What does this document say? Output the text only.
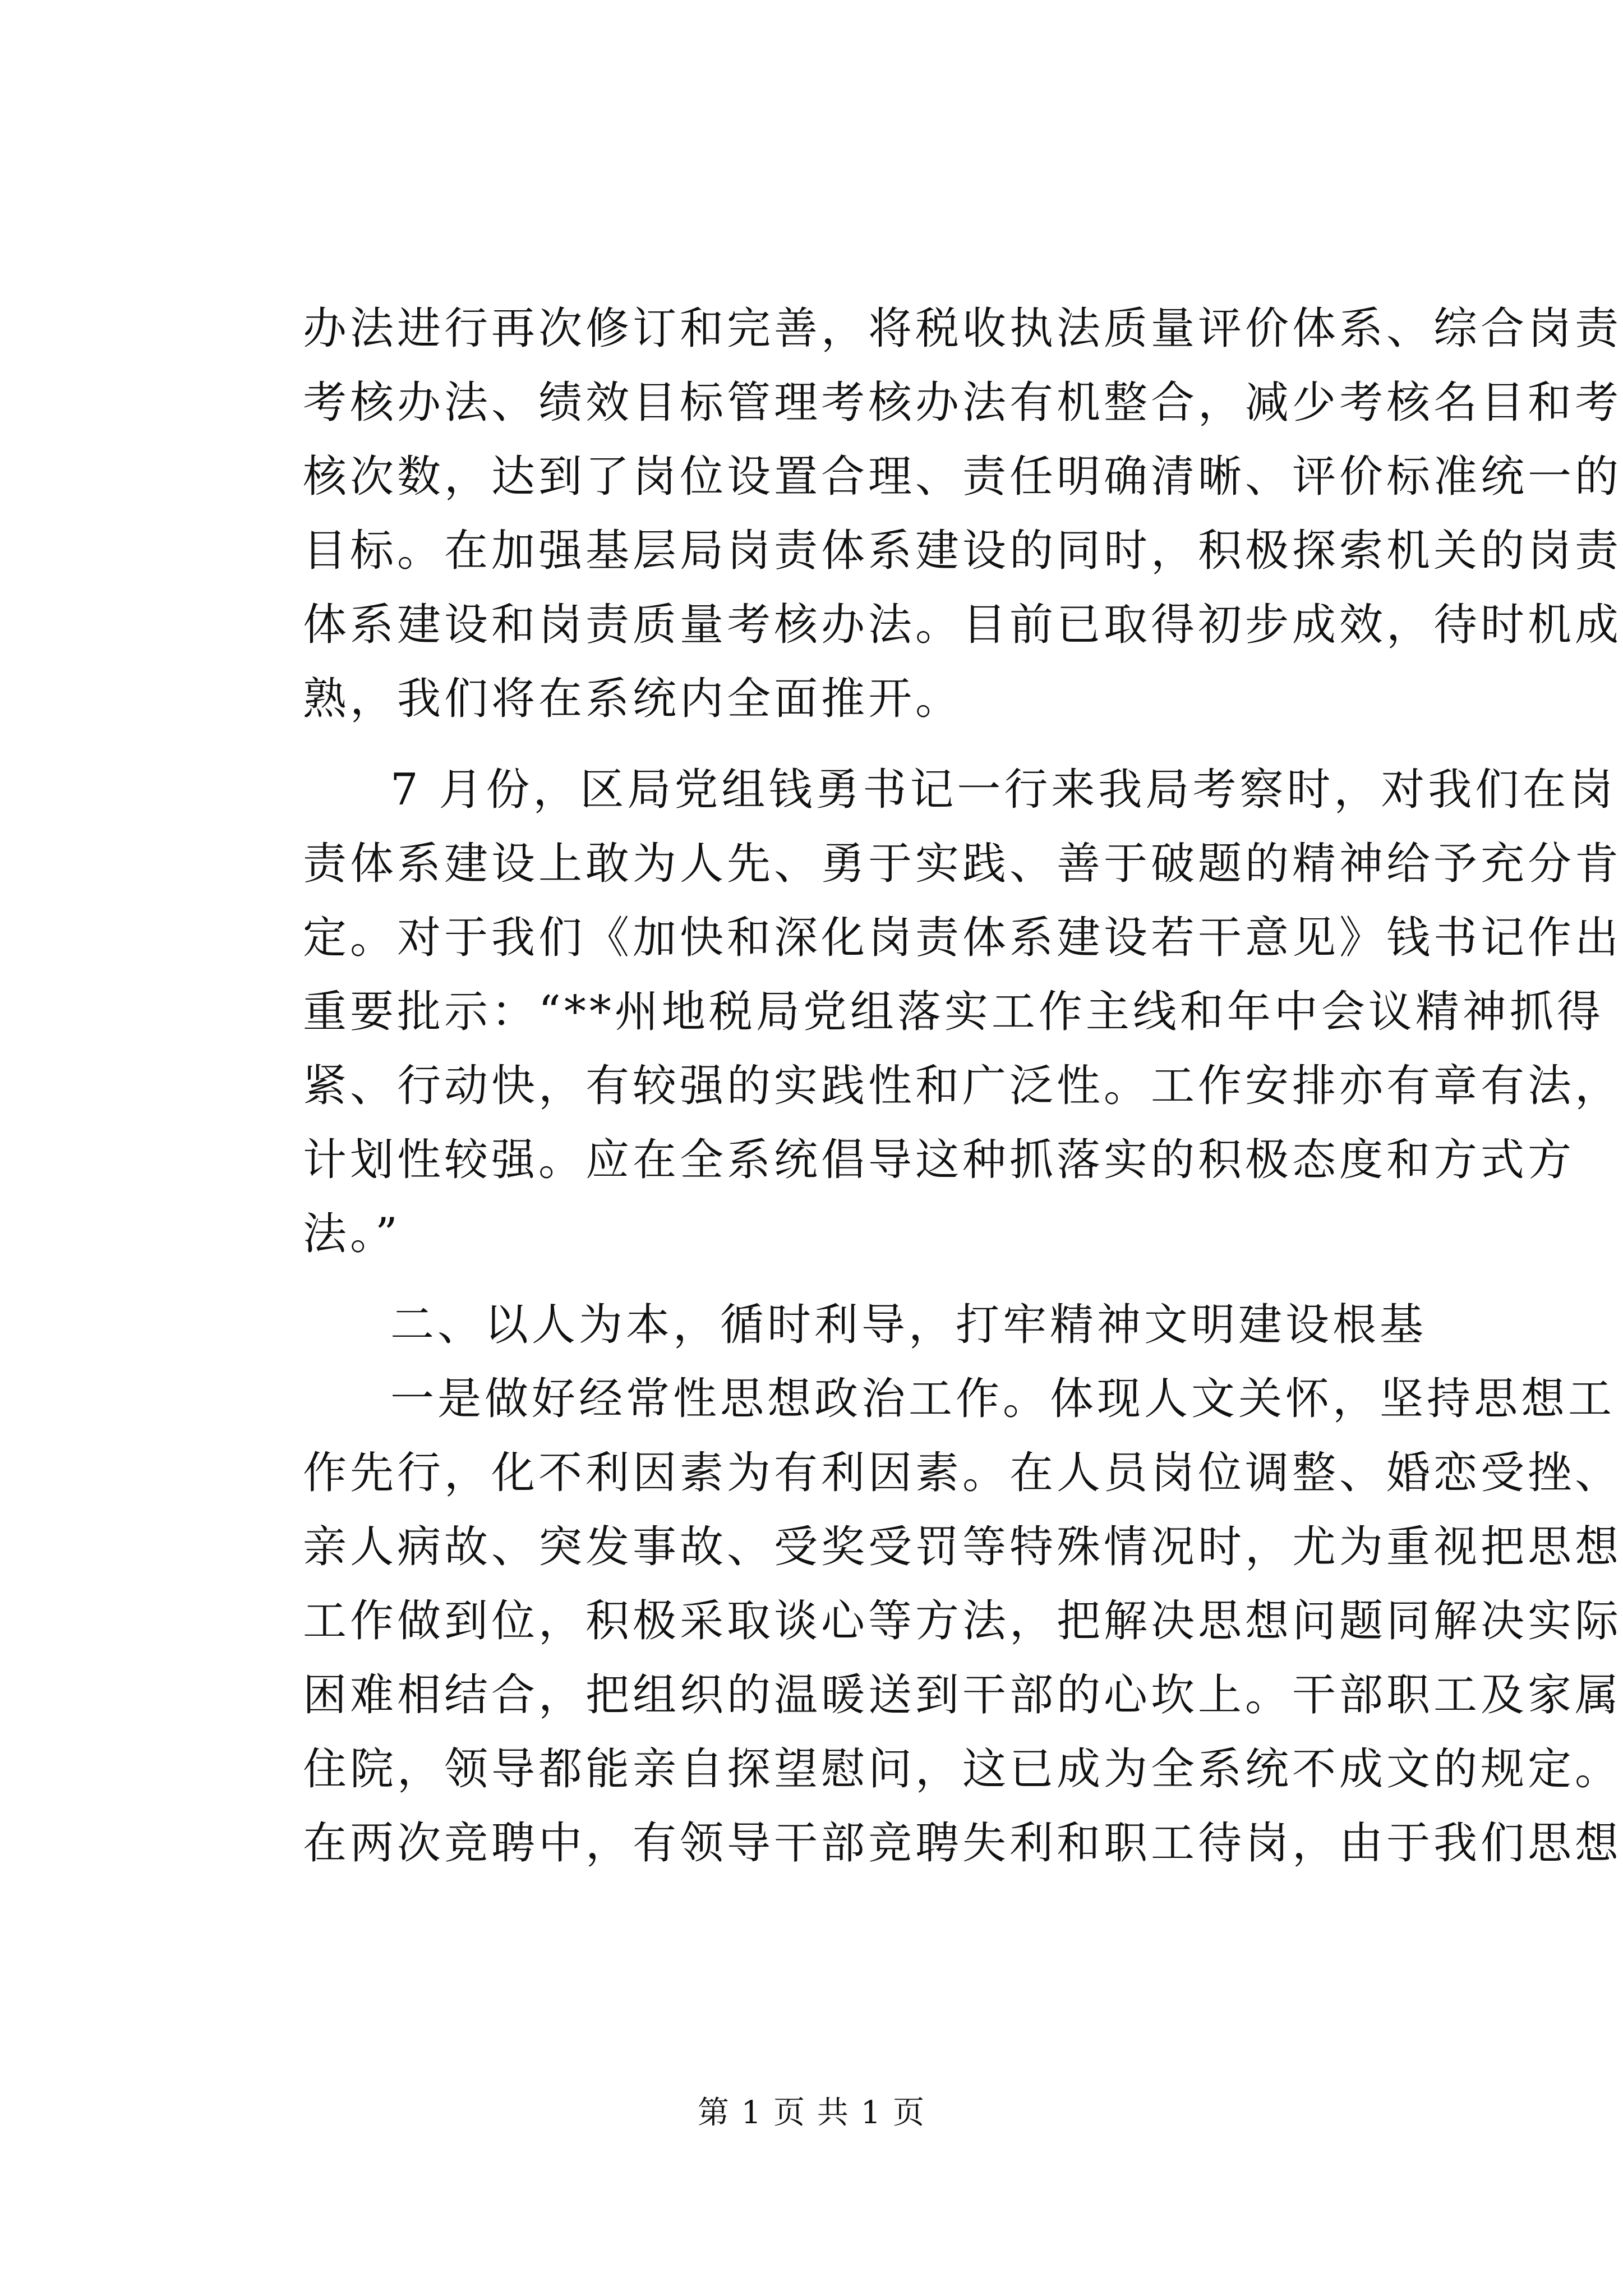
办法进行再次修订和完善，将税收执法质量评价体系、综合岗责
考核办法、绩效目标管理考核办法有机整合，减少考核名目和考
核次数，达到了岗位设置合理、责任明确清晰、评价标准统一的
目标。在加强基层局岗责体系建设的同时，积极探索机关的岗责
体系建设和岗责质量考核办法。目前已取得初步成效，待时机成
熟，我们将在系统内全面推开。
7 月份，区局党组钱勇书记一行来我局考察时，对我们在岗
责体系建设上敢为人先、勇于实践、善于破题的精神给予充分肯
定。对于我们《加快和深化岗责体系建设若干意见》钱书记作出
重要批示：“**州地税局党组落实工作主线和年中会议精神抓得
紧、行动快，有较强的实践性和广泛性。工作安排亦有章有法，
计划性较强。应在全系统倡导这种抓落实的积极态度和方式方
法。”
二、以人为本，循时利导，打牢精神文明建设根基
一是做好经常性思想政治工作。体现人文关怀，坚持思想工
作先行，化不利因素为有利因素。在人员岗位调整、婚恋受挫、
亲人病故、突发事故、受奖受罚等特殊情况时，尤为重视把思想
工作做到位，积极采取谈心等方法，把解决思想问题同解决实际
困难相结合，把组织的温暖送到干部的心坎上。干部职工及家属
住院，领导都能亲自探望慰问，这已成为全系统不成文的规定。
在两次竞聘中，有领导干部竞聘失利和职工待岗，由于我们思想
第 1 页 共 1 页
